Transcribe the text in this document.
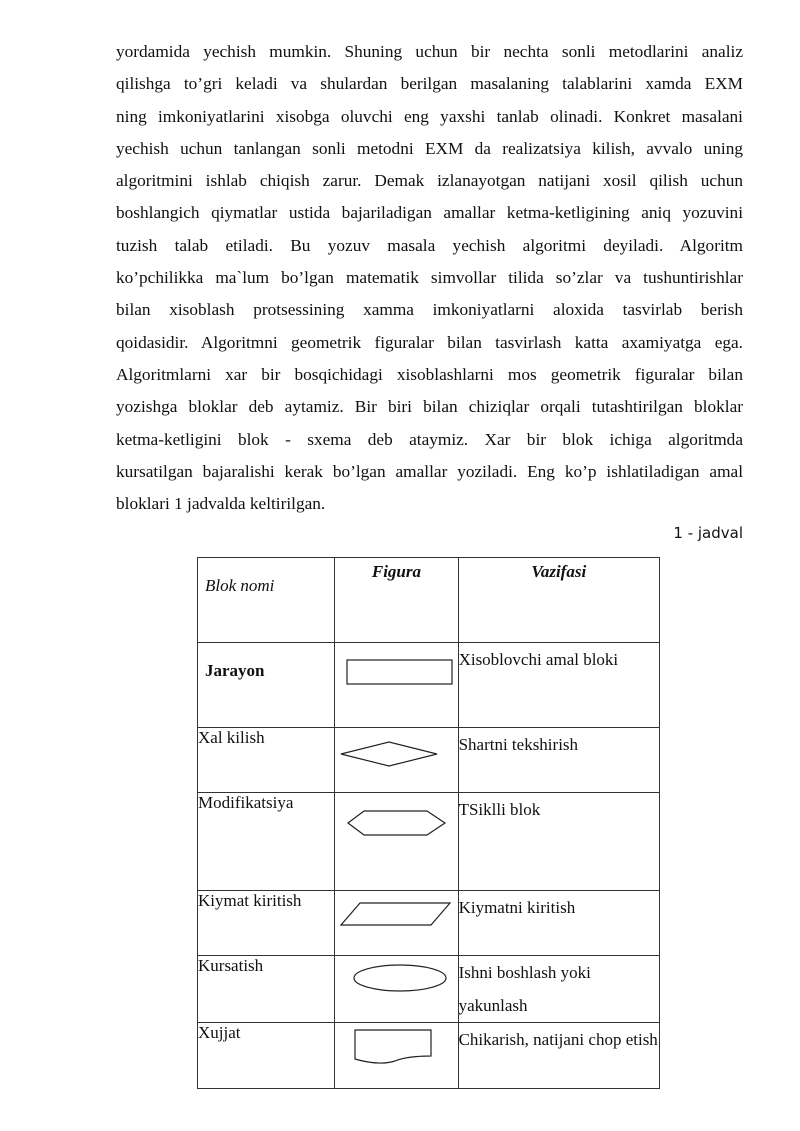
yordamida yechish mumkin. Shuning uchun bir nechta sonli metodlarini analiz
qilishga to’gri keladi va shulardan berilgan masalaning talablarini xamda EXM
ning imkoniyatlarini xisobga oluvchi eng yaxshi tanlab olinadi. Konkret masalani
yechish uchun tanlangan sonli metodni EXM da realizatsiya kilish, avvalo uning
algoritmini ishlab chiqish zarur. Demak izlanayotgan natijani xosil qilish uchun
boshlangich qiymatlar ustida bajariladigan amallar ketma-ketligining aniq yozuvini
tuzish talab etiladi. Bu yozuv masala yechish algoritmi deyiladi. Algoritm
ko’pchilikka ma`lum bo’lgan matematik simvollar tilida so’zlar va tushuntirishlar
bilan xisoblash protsessining xamma imkoniyatlarni aloxida tasvirlab berish
qoidasidir. Algoritmni geometrik figuralar bilan tasvirlash katta axamiyatga ega.
Algoritmlarni xar bir bosqichidagi xisoblashlarni mos geometrik figuralar bilan
yozishga bloklar deb aytamiz. Bir biri bilan chiziqlar orqali tutashtirilgan bloklar
ketma-ketligini blok - sxema deb ataymiz. Xar bir blok ichiga algoritmda
kursatilgan bajaralishi kerak bo’lgan amallar yoziladi. Eng ko’p ishlatiladigan amal
bloklari 1 jadvalda keltirilgan.

1 - jadval
Blok nomi	Figura	Vazifasi
Jarayon		Xisoblovchi amal bloki
Xal kilish		Shartni tekshirish
Modifikatsiya		TSiklli blok
Kiymat kiritish		Kiymatni kiritish
Kursatish		Ishni boshlash yoki yakunlash
Xujjat		Chikarish, natijani chop etish
